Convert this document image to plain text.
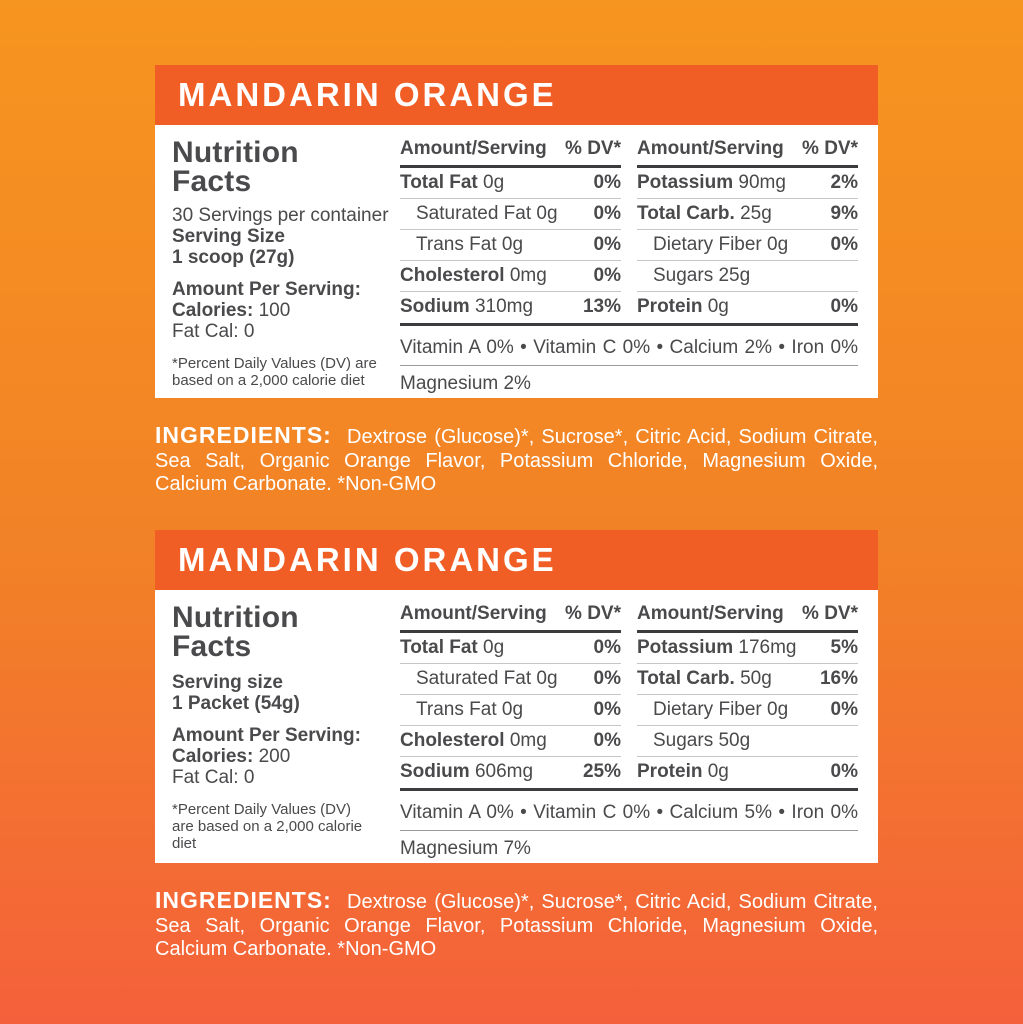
MANDARIN ORANGE
Nutrition
Facts
30 Servings per container
Serving Size
1 scoop (27g)
Amount Per Serving:
Calories: 100
Fat Cal: 0
*Percent Daily Values (DV) are based on a 2,000 calorie diet
Amount/Serving % DV*
Total Fat 0g	0%
Saturated Fat 0g 0%
Trans Fat 0g	0%
Cholesterol 0mg 0%
Sodium 310mg	13%
Amount/Serving % DV*
Potassium 90mg 2%
Total Carb. 25g	9%
Dietary Fiber 0g 0%
Sugars 25g
Protein 0g	0%
Vitamin A 0% • Vitamin C 0% • Calcium 2% • Iron 0%
Magnesium 2%

INGREDIENTS: Dextrose (Glucose)*, Sucrose*, Citric Acid, Sodium Citrate, Sea Salt, Organic Orange Flavor, Potassium Chloride, Magnesium Oxide, Calcium Carbonate. *Non-GMO

MANDARIN ORANGE
Nutrition
Facts
Serving size
1 Packet (54g)
Amount Per Serving:
Calories: 200
Fat Cal: 0
*Percent Daily Values (DV) are based on a 2,000 calorie diet
Amount/Serving % DV*
Total Fat 0g	0%
Saturated Fat 0g 0%
Trans Fat 0g	0%
Cholesterol 0mg 0%
Sodium 606mg	25%
Amount/Serving % DV*
Potassium 176mg 5%
Total Carb. 50g	16%
Dietary Fiber 0g 0%
Sugars 50g
Protein 0g	0%
Vitamin A 0% • Vitamin C 0% • Calcium 5% • Iron 0%
Magnesium 7%

INGREDIENTS: Dextrose (Glucose)*, Sucrose*, Citric Acid, Sodium Citrate, Sea Salt, Organic Orange Flavor, Potassium Chloride, Magnesium Oxide, Calcium Carbonate. *Non-GMO
